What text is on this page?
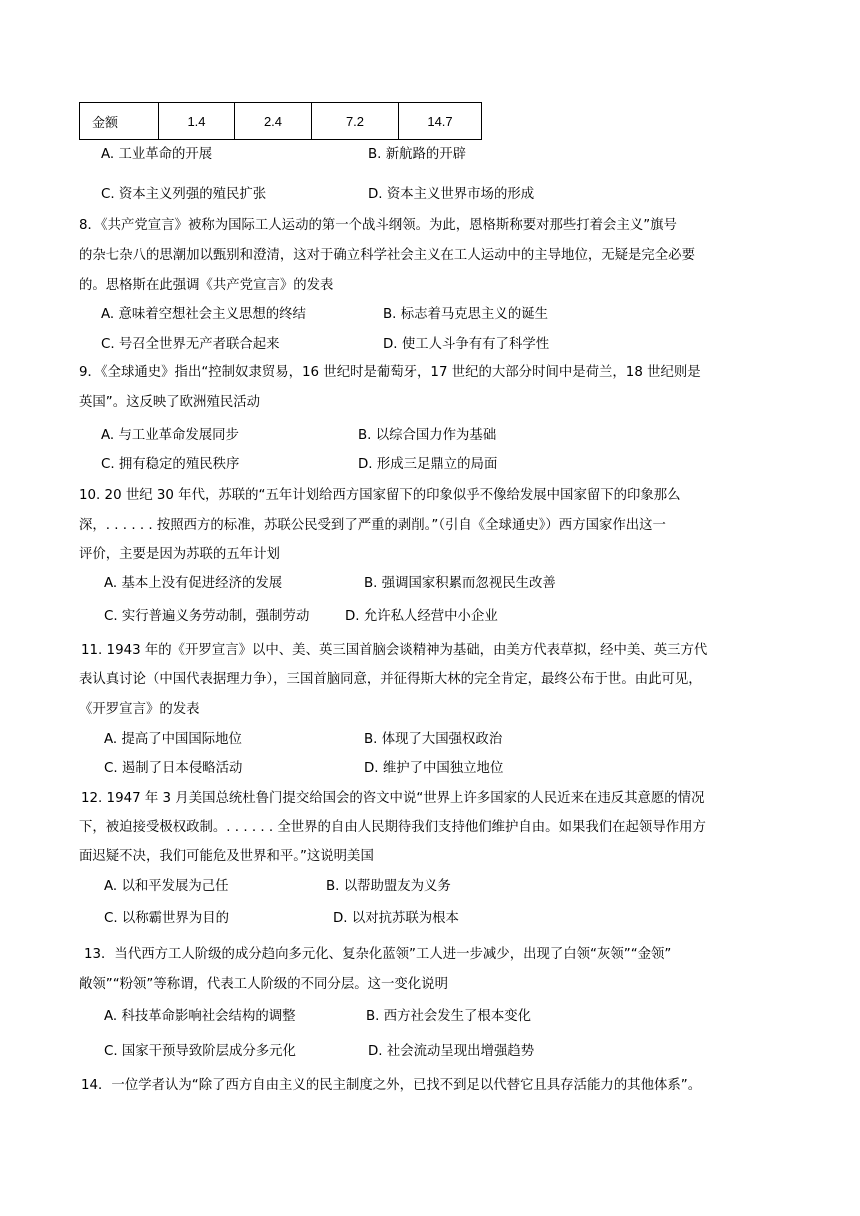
金额	1.4	2.4	7.2	14.7
A. 工业革命的开展	B. 新航路的开辟
C. 资本主义列强的殖民扩张	D. 资本主义世界市场的形成
8．《共产党宣言》被称为国际工人运动的第一个战斗纲领。为此，恩格斯称要对那些打着会主义”旗号
的杂七杂八的思潮加以甄别和澄清，这对于确立科学社会主义在工人运动中的主导地位，无疑是完全必要
的。思格斯在此强调《共产党宣言》的发表
A. 意味着空想社会主义思想的终结	B. 标志着马克思主义的诞生
C. 号召全世界无产者联合起来	D. 使工人斗争有有了科学性
9．《全球通史》指出“控制奴隶贸易，16 世纪时是葡萄牙，17 世纪的大部分时间中是荷兰，18 世纪则是
英国”。这反映了欧洲殖民活动
A. 与工业革命发展同步	B. 以综合国力作为基础
C. 拥有稳定的殖民秩序	D. 形成三足鼎立的局面
10. 20 世纪 30 年代，苏联的“五年计划给西方国家留下的印象似乎不像给发展中国家留下的印象那么
深，. . . . . . 按照西方的标准，苏联公民受到了严重的剥削。”（引自《全球通史》）西方国家作出这一
评价，主要是因为苏联的五年计划
A. 基本上没有促进经济的发展	B. 强调国家积累而忽视民生改善
C. 实行普遍义务劳动制，强制劳动	D. 允许私人经营中小企业
11. 1943 年的《开罗宣言》以中、美、英三国首脑会谈精神为基础，由美方代表草拟，经中美、英三方代
表认真讨论（中国代表据理力争），三国首脑同意，并征得斯大林的完全肯定，最终公布于世。由此可见，
《开罗宣言》的发表
A. 提高了中国国际地位	B. 体现了大国强权政治
C. 遏制了日本侵略活动	D. 维护了中国独立地位
12. 1947 年 3 月美国总统杜鲁门提交给国会的咨文中说“世界上许多国家的人民近来在违反其意愿的情况
下，被迫接受极权政制。. . . . . . 全世界的自由人民期待我们支持他们维护自由。如果我们在起领导作用方
面迟疑不决，我们可能危及世界和平。”这说明美国
A. 以和平发展为己任	B. 以帮助盟友为义务
C. 以称霸世界为目的	D. 以对抗苏联为根本
13．当代西方工人阶级的成分趋向多元化、复杂化蓝领”工人进一步减少，出现了白领“灰领”“金领”
敞领”“粉领”等称谓，代表工人阶级的不同分层。这一变化说明
A. 科技革命影响社会结构的调整	B. 西方社会发生了根本变化
C. 国家干预导致阶层成分多元化	D. 社会流动呈现出增强趋势
14．一位学者认为“除了西方自由主义的民主制度之外，已找不到足以代替它且具存活能力的其他体系”。
